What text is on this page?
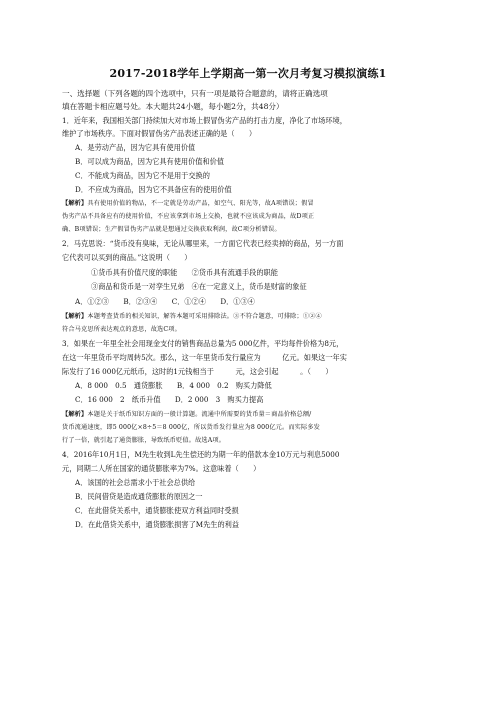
2017-2018学年上学期高一第一次月考复习模拟演练1
一、选择题（下列各题的四个选项中，只有一项是最符合题意的，请将正确选项
填在答题卡相应题号处。本大题共24小题，每小题2分，共48分）
1．近年来，我国相关部门持续加大对市场上假冒伪劣产品的打击力度，净化了市场环境，
维护了市场秩序。下面对假冒伪劣产品表述正确的是（　　）
A．是劳动产品，因为它具有使用价值
B．可以成为商品，因为它具有使用价值和价值
C．不能成为商品，因为它不是用于交换的
D．不应成为商品，因为它不具备应有的使用价值
【解析】具有使用价值的物品，不一定就是劳动产品，如空气、阳光等，故A项错误；假冒
伪劣产品不具备应有的使用价值，不应该拿到市场上交换，也就不应该成为商品，故D项正
确、B项错误；生产假冒伪劣产品就是想通过交换获取利润，故C项分析错误。
2．马克思说：“货币没有臭味，无论从哪里来，一方面它代表已经卖掉的商品，另一方面
它代表可以买到的商品。”这说明（　　）
①货币具有价值尺度的职能　　②货币具有流通手段的职能
③商品和货币是一对孪生兄弟　④在一定意义上，货币是财富的象征
A．①②③　　B．②③④　　C．①②④　　D．①③④
【解析】本题考查货币的相关知识，解答本题可采用排除法。③不符合题意，可排除；①②④
符合马克思所表达观点的意思，故选C项。
3．如果在一年里全社会用现金支付的销售商品总量为5 000亿件，平均每件价格为8元，
在这一年里货币平均周转5次。那么，这一年里货币发行量应为　　　亿元。如果这一年实
际发行了16 000亿元纸币，这时的1元钱相当于　　　元，这会引起　　　。（　　）
A．8 000　0.5　通货膨胀　　B．4 000　0.2　购买力降低
C．16 000　2　纸币升值　　D．2 000　3　购买力提高
【解析】本题是关于纸币知识方面的一般计算题。流通中所需要的货币量＝商品价格总额/
货币流通速度，即5 000亿×8÷5＝8 000亿，所以货币发行量应为8 000亿元。而实际多发
行了一倍，就引起了通货膨胀，导致纸币贬值。故选A项。
4．2016年10月1日，M先生收到L先生偿还的为期一年的借款本金10万元与利息5000
元，同期二人所在国家的通货膨胀率为7%。这意味着（　　）
A．该国的社会总需求小于社会总供给
B．民间借贷是造成通货膨胀的原因之一
C．在此借贷关系中，通货膨胀使双方利益同时受损
D．在此借贷关系中，通货膨胀损害了M先生的利益
